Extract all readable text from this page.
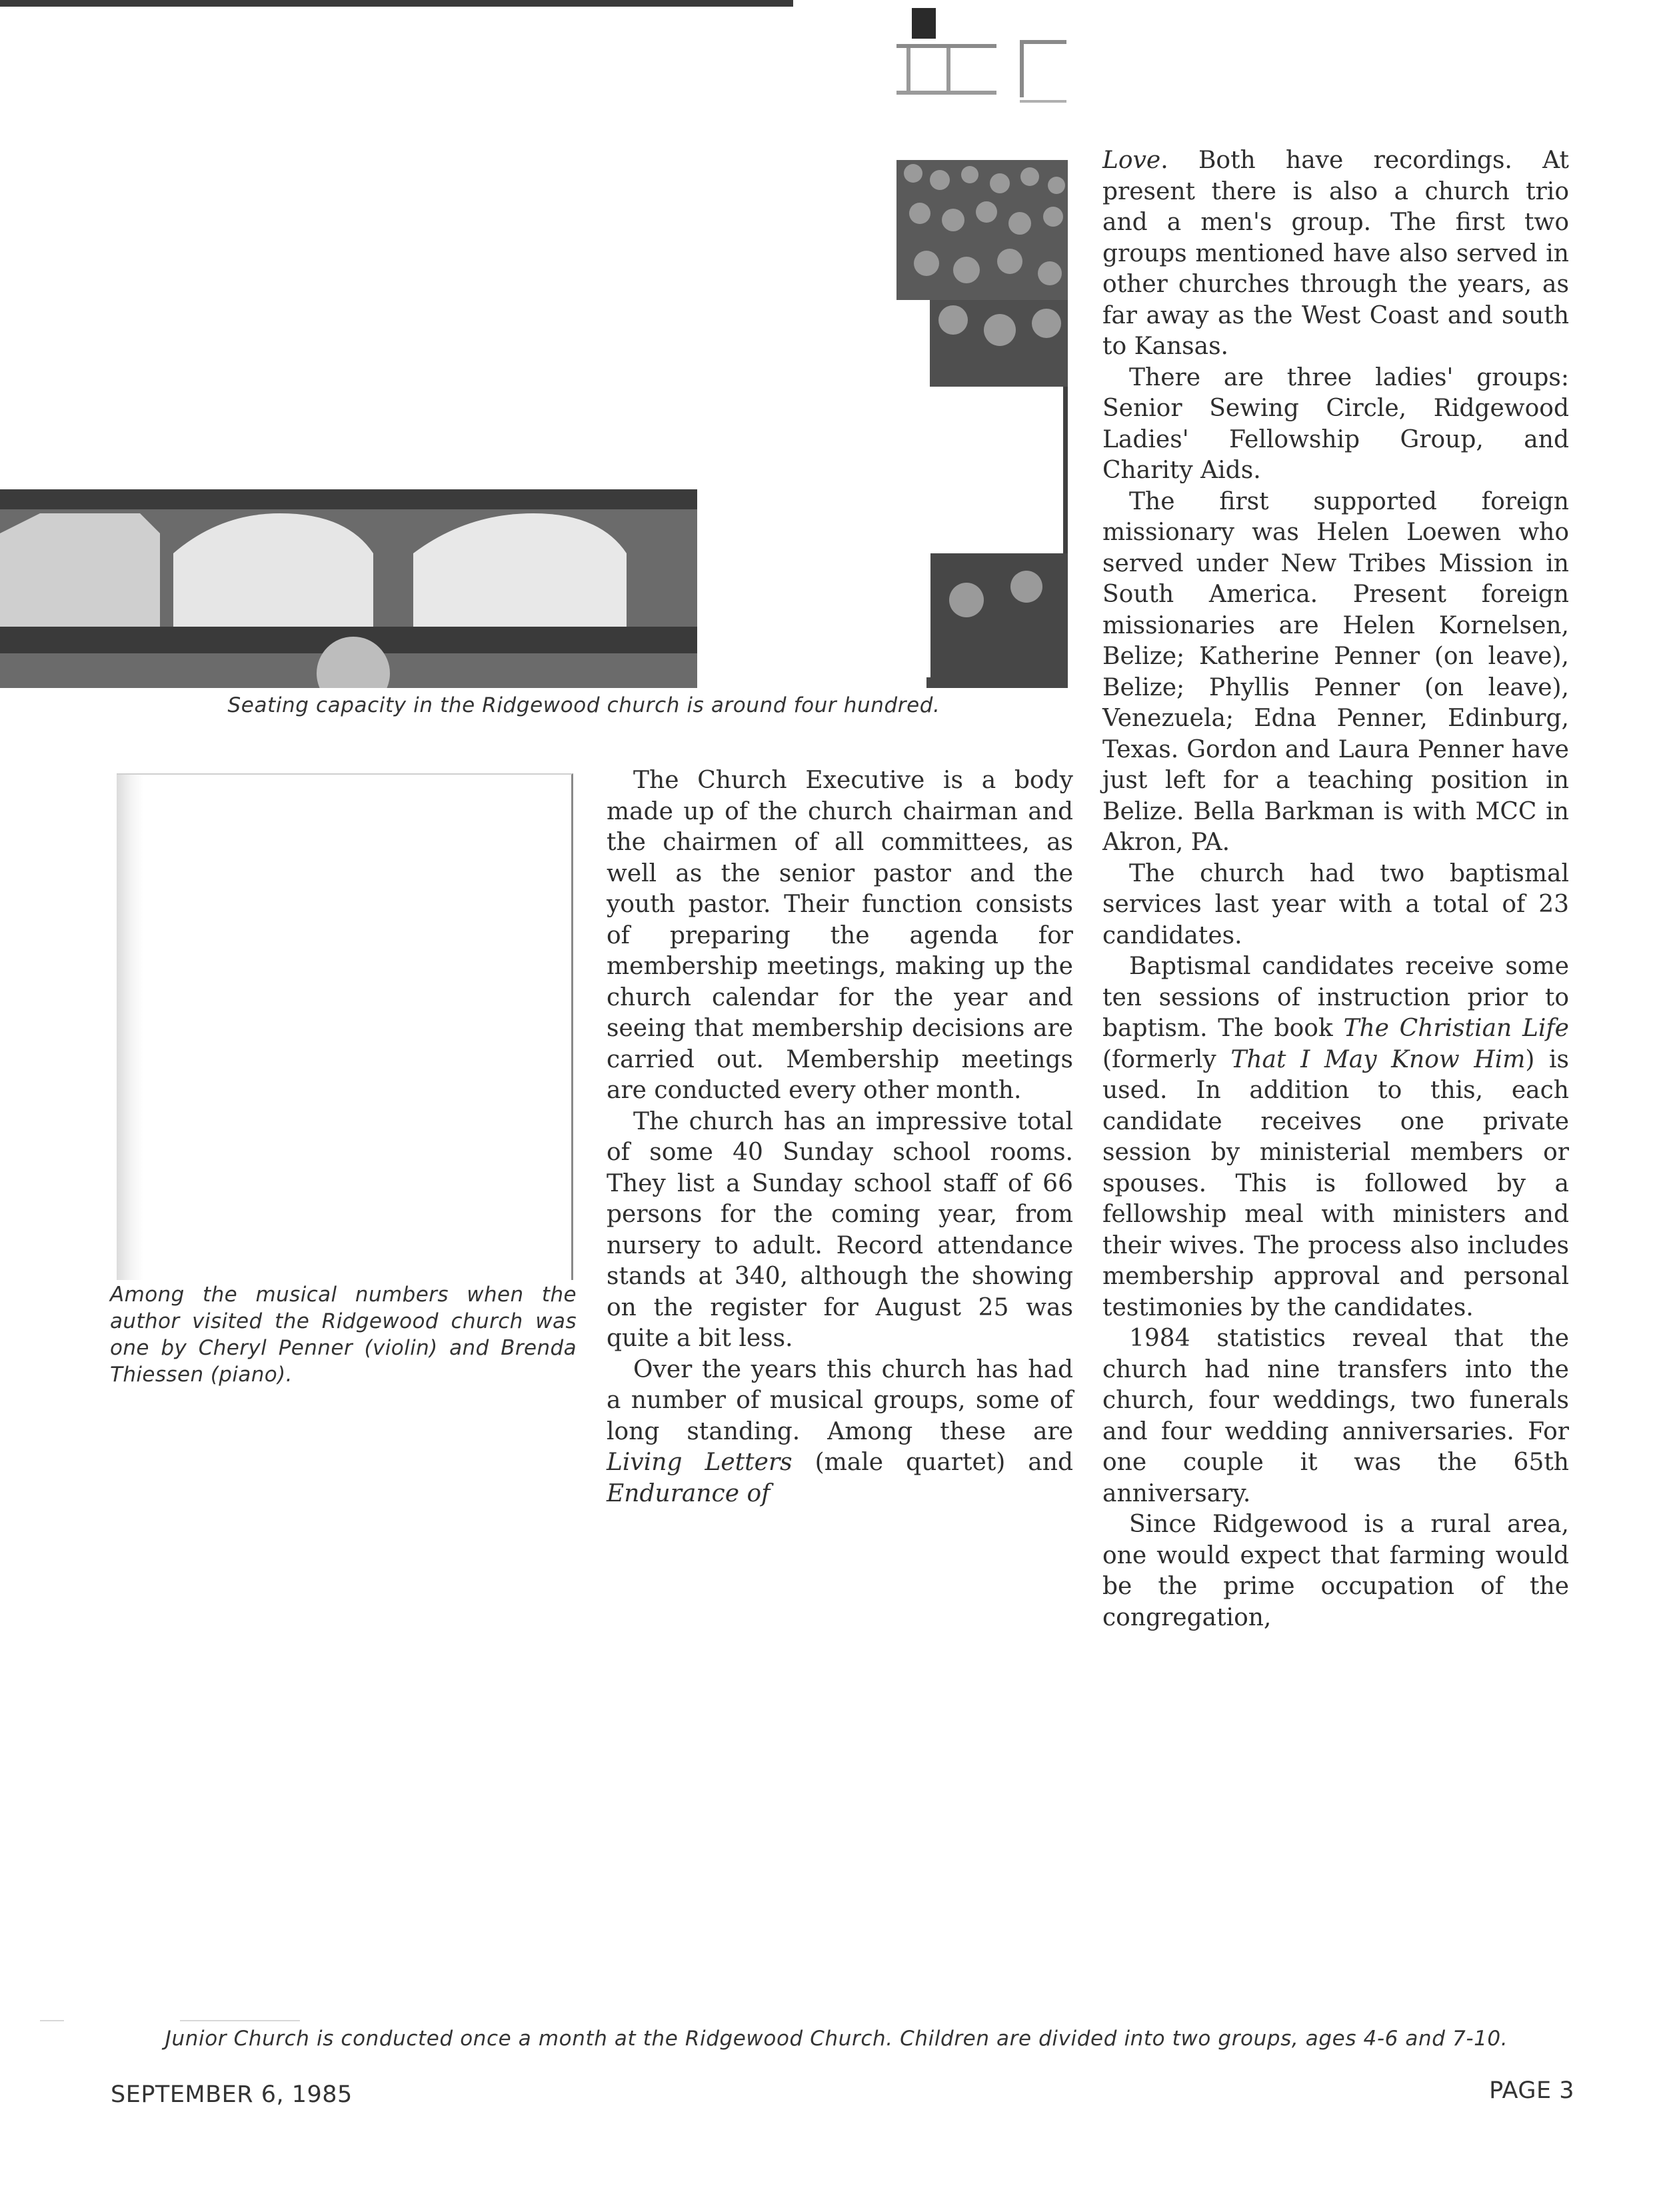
Seating capacity in the Ridgewood church is around four hundred.
Among the musical numbers when the author visited the Ridgewood church was one by Cheryl Penner (violin) and Brenda Thiessen (piano).

The Church Executive is a body made up of the church chairman and the chairmen of all committees, as well as the senior pastor and the youth pastor. Their function consists of preparing the agenda for membership meetings, making up the church calendar for the year and seeing that membership decisions are carried out. Membership meetings are conducted every other month.

The church has an impressive total of some 40 Sunday school rooms. They list a Sunday school staff of 66 persons for the coming year, from nursery to adult. Record attendance stands at 340, although the showing on the register for August 25 was quite a bit less.

Over the years this church has had a number of musical groups, some of long standing. Among these are Living Letters (male quartet) and Endurance of

Love. Both have recordings. At present there is also a church trio and a men's group. The first two groups mentioned have also served in other churches through the years, as far away as the West Coast and south to Kansas.

There are three ladies' groups: Senior Sewing Circle, Ridgewood Ladies' Fellowship Group, and Charity Aids.

The first supported foreign missionary was Helen Loewen who served under New Tribes Mission in South America. Present foreign missionaries are Helen Kornelsen, Belize; Katherine Penner (on leave), Belize; Phyllis Penner (on leave), Venezuela; Edna Penner, Edinburg, Texas. Gordon and Laura Penner have just left for a teaching position in Belize. Bella Barkman is with MCC in Akron, PA.

The church had two baptismal services last year with a total of 23 candidates.

Baptismal candidates receive some ten sessions of instruction prior to baptism. The book The Christian Life (formerly That I May Know Him) is used. In addition to this, each candidate receives one private session by ministerial members or spouses. This is followed by a fellowship meal with ministers and their wives. The process also includes membership approval and personal testimonies by the candidates.

1984 statistics reveal that the church had nine transfers into the church, four weddings, two funerals and four wedding anniversaries. For one couple it was the 65th anniversary.

Since Ridgewood is a rural area, one would expect that farming would be the prime occupation of the congregation,

Junior Church is conducted once a month at the Ridgewood Church. Children are divided into two groups, ages 4-6 and 7-10.
SEPTEMBER 6, 1985	PAGE 3
